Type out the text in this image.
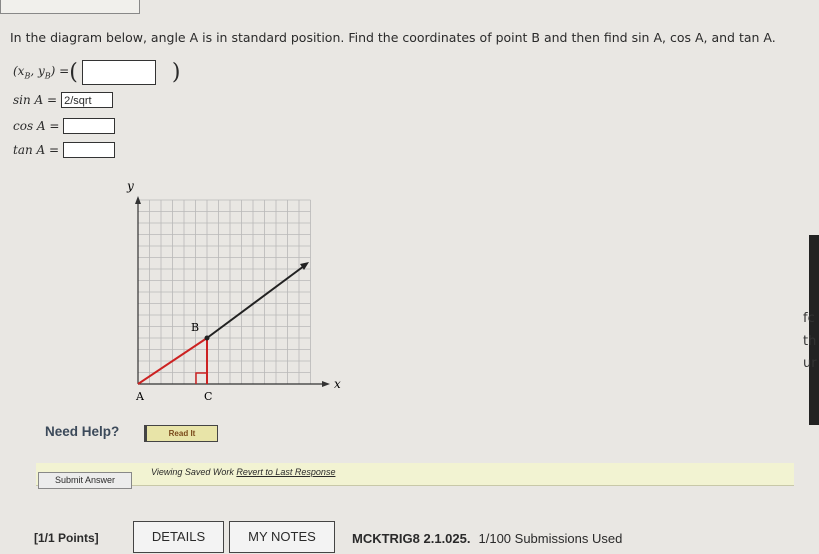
In the diagram below, angle A is in standard position. Find the coordinates of point B and then find sin A, cos A, and tan A.
($x_B$, $y_B$) = (	)
sin A = 2/sqrt
cos A =
tan A =
y
x
A
B
C
fc
th
ur
Need Help?	Read It
Submit Answer
Viewing Saved Work Revert to Last Response
[1/1 Points]	DETAILS	MY NOTES	MCKTRIG8 2.1.025. 1/100 Submissions Used
